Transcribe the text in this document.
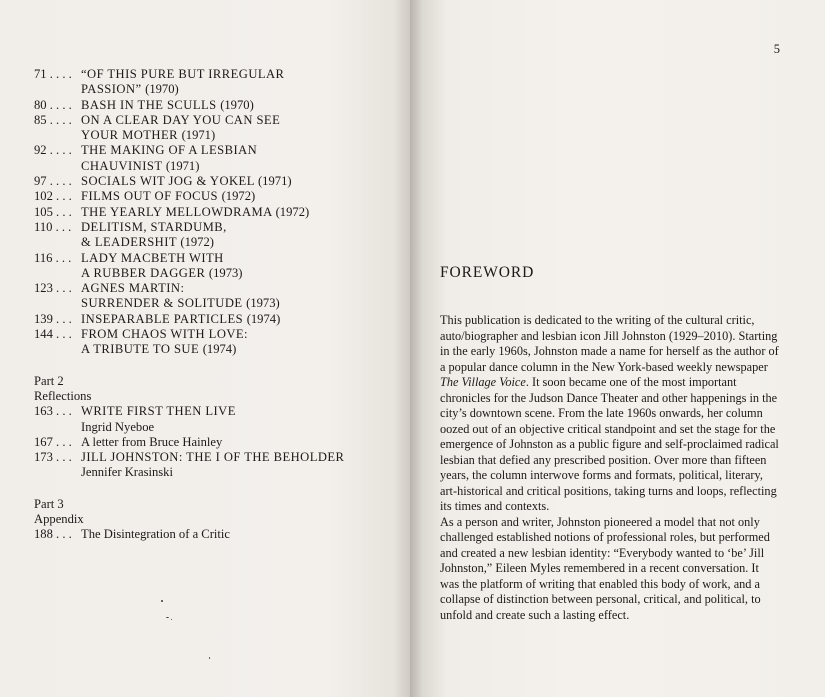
71 . . . . “OF THIS PURE BUT IRREGULAR
PASSION” (1970)
80 . . . . BASH IN THE SCULLS (1970)
85 . . . . ON A CLEAR DAY YOU CAN SEE
YOUR MOTHER (1971)
92 . . . . THE MAKING OF A LESBIAN
CHAUVINIST (1971)
97 . . . . SOCIALS WIT JOG & YOKEL (1971)
102 . . . FILMS OUT OF FOCUS (1972)
105 . . . THE YEARLY MELLOWDRAMA (1972)
110 . . . DELITISM, STARDUMB,
& LEADERSHIT (1972)
116 . . . LADY MACBETH WITH
A RUBBER DAGGER (1973)
123 . . . AGNES MARTIN:
SURRENDER & SOLITUDE (1973)
139 . . . INSEPARABLE PARTICLES (1974)
144 . . . FROM CHAOS WITH LOVE:
A TRIBUTE TO SUE (1974)
Part 2
Reflections
163 . . . WRITE FIRST THEN LIVE
Ingrid Nyeboe
167 . . . A letter from Bruce Hainley
173 . . . JILL JOHNSTON: THE I OF THE BEHOLDER
Jennifer Krasinski
Part 3
Appendix
188 . . . The Disintegration of a Critic
5
FOREWORD

This publication is dedicated to the writing of the cultural critic, auto/biographer and lesbian icon Jill Johnston (1929–2010). Starting in the early 1960s, Johnston made a name for herself as the author of a popular dance column in the New York-based weekly newspaper The Village Voice. It soon became one of the most important chronicles for the Judson Dance Theater and other happenings in the city’s downtown scene. From the late 1960s onwards, her column oozed out of an objective critical standpoint and set the stage for the emergence of Johnston as a public figure and self-proclaimed radical lesbian that defied any prescribed position. Over more than fifteen years, the column interwove forms and formats, political, literary, art-historical and critical positions, taking turns and loops, reflecting its times and contexts.

As a person and writer, Johnston pioneered a model that not only challenged established notions of professional roles, but performed and created a new lesbian identity: “Everybody wanted to ‘be’ Jill Johnston,” Eileen Myles remembered in a recent conversation. It was the platform of writing that enabled this body of work, and a collapse of distinction between personal, critical, and political, to unfold and create such a lasting effect.
